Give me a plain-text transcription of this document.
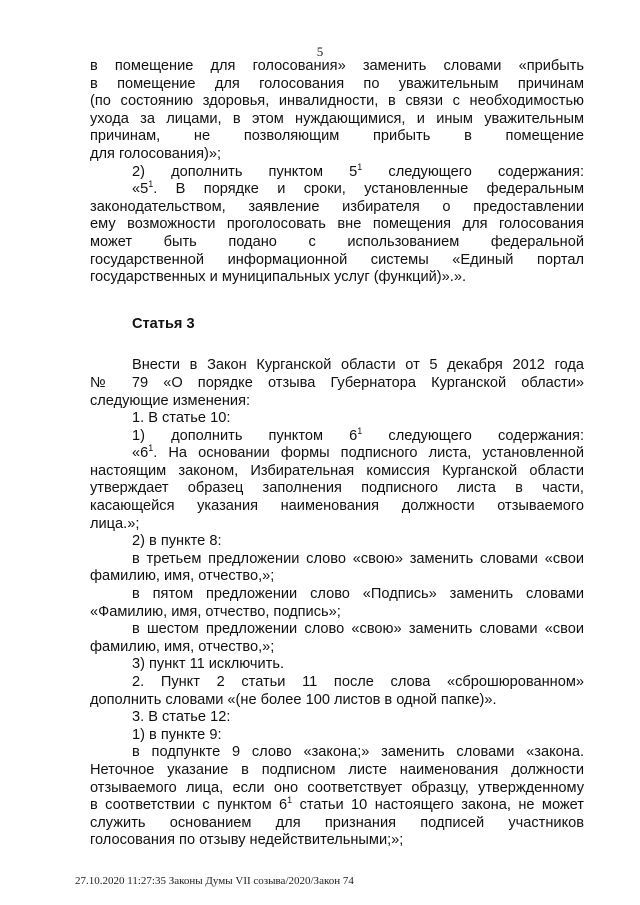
5

в помещение для голосования» заменить словами «прибыть

в помещение для голосования по уважительным причинам

(по состоянию здоровья, инвалидности, в связи с необходимостью

ухода за лицами, в этом нуждающимися, и иным уважительным

причинам, не позволяющим прибыть в помещение

для голосования)»;

2) дополнить пунктом $5^1$ следующего содержания:

«$5^1$. В порядке и сроки, установленные федеральным

законодательством, заявление избирателя о предоставлении

ему возможности проголосовать вне помещения для голосования

может быть подано с использованием федеральной

государственной информационной системы «Единый портал

государственных и муниципальных услуг (функций)».».

Статья 3

Внести в Закон Курганской области от 5 декабря 2012 года

№ 79 «О порядке отзыва Губернатора Курганской области»

следующие изменения:

1. В статье 10:

1) дополнить пунктом $6^1$ следующего содержания:

«$6^1$. На основании формы подписного листа, установленной

настоящим законом, Избирательная комиссия Курганской области

утверждает образец заполнения подписного листа в части,

касающейся указания наименования должности отзываемого

лица.»;

2) в пункте 8:

в третьем предложении слово «свою» заменить словами «свои

фамилию, имя, отчество,»;

в пятом предложении слово «Подпись» заменить словами

«Фамилию, имя, отчество, подпись»;

в шестом предложении слово «свою» заменить словами «свои

фамилию, имя, отчество,»;

3) пункт 11 исключить.

2. Пункт 2 статьи 11 после слова «сброшюрованном»

дополнить словами «(не более 100 листов в одной папке)».

3. В статье 12:

1) в пункте 9:

в подпункте 9 слово «закона;» заменить словами «закона.

Неточное указание в подписном листе наименования должности

отзываемого лица, если оно соответствует образцу, утвержденному

в соответствии с пунктом $6^1$ статьи 10 настоящего закона, не может

служить основанием для признания подписей участников

голосования по отзыву недействительными;»;

27.10.2020 11:27:35 Законы Думы VII созыва/2020/Закон 74
